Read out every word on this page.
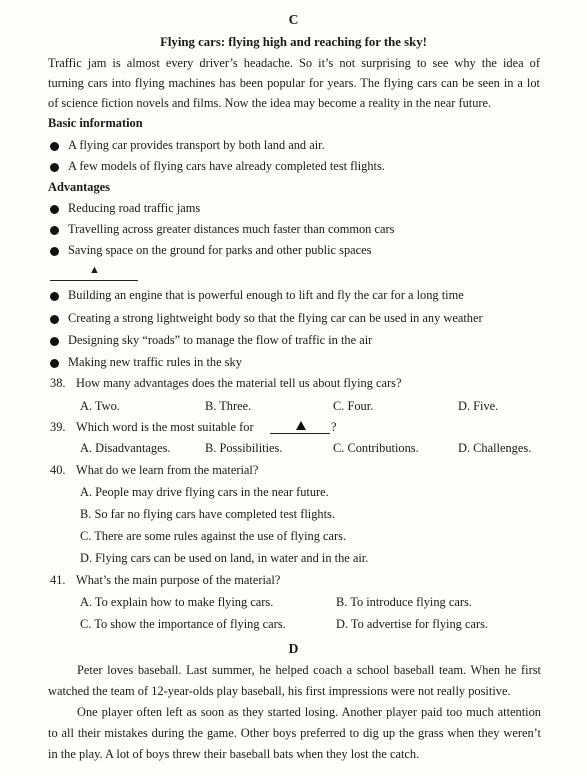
C
Flying cars: flying high and reaching for the sky!
Traffic jam is almost every driver’s headache. So it’s not surprising to see why the idea of
turning cars into flying machines has been popular for years. The flying cars can be seen in a lot
of science fiction novels and films. Now the idea may become a reality in the near future.
Basic information
A flying car provides transport by both land and air.
A few models of flying cars have already completed test flights.
Advantages
Reducing road traffic jams
Travelling across greater distances much faster than common cars
Saving space on the ground for parks and other public spaces
▲
Building an engine that is powerful enough to lift and fly the car for a long time
Creating a strong lightweight body so that the flying car can be used in any weather
Designing sky “roads” to manage the flow of traffic in the air
Making new traffic rules in the sky
38. How many advantages does the material tell us about flying cars?
A. Two.	B. Three.	C. Four.	D. Five.
39. Which word is the most suitable for	?
A. Disadvantages.	B. Possibilities.	C. Contributions.	D. Challenges.
40. What do we learn from the material?
A. People may drive flying cars in the near future.
B. So far no flying cars have completed test flights.
C. There are some rules against the use of flying cars.
D. Flying cars can be used on land, in water and in the air.
41. What’s the main purpose of the material?
A. To explain how to make flying cars.	B. To introduce flying cars.
C. To show the importance of flying cars.	D. To advertise for flying cars.
D
Peter loves baseball. Last summer, he helped coach a school baseball team. When he first
watched the team of 12-year-olds play baseball, his first impressions were not really positive.
One player often left as soon as they started losing. Another player paid too much attention
to all their mistakes during the game. Other boys preferred to dig up the grass when they weren’t
in the play. A lot of boys threw their baseball bats when they lost the catch.
